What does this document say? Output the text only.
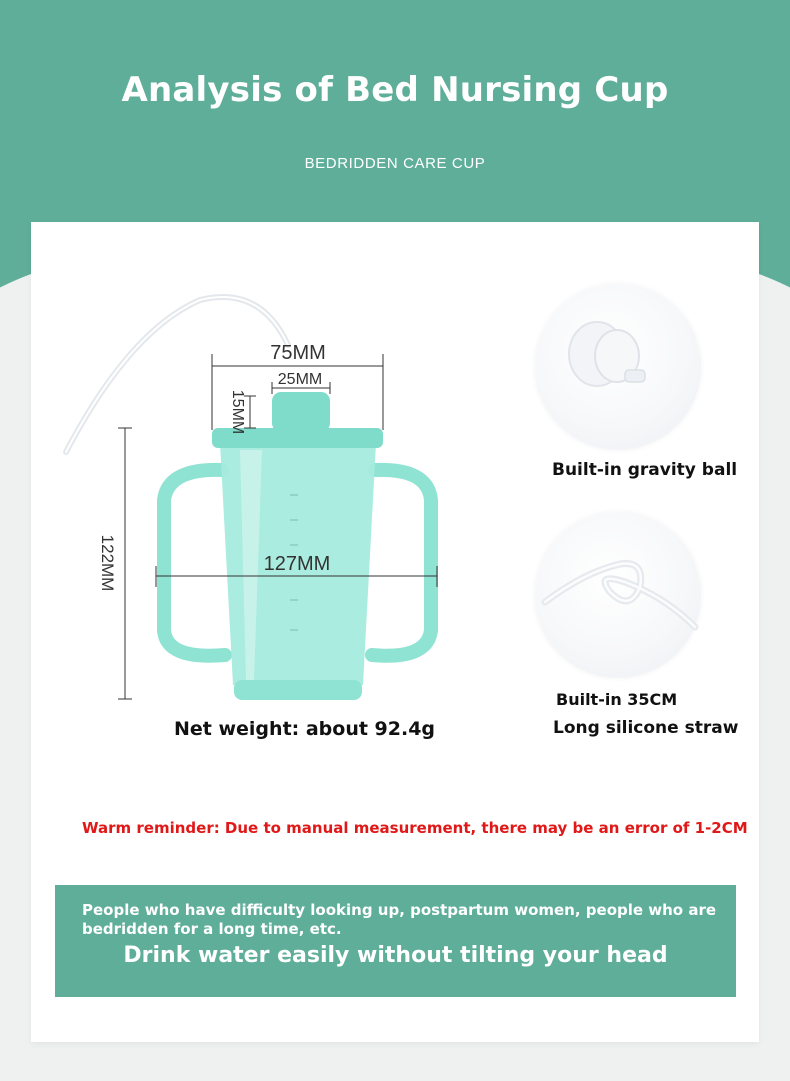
Analysis of Bed Nursing Cup
BEDRIDDEN CARE CUP
75MM
25MM
15MM
122MM	127MM
Built-in gravity ball
Built-in 35CM
Long silicone straw
Net weight: about 92.4g
Warm reminder: Due to manual measurement, there may be an error of 1-2CM
People who have difficulty looking up, postpartum women, people who are bedridden for a long time, etc.
Drink water easily without tilting your head
